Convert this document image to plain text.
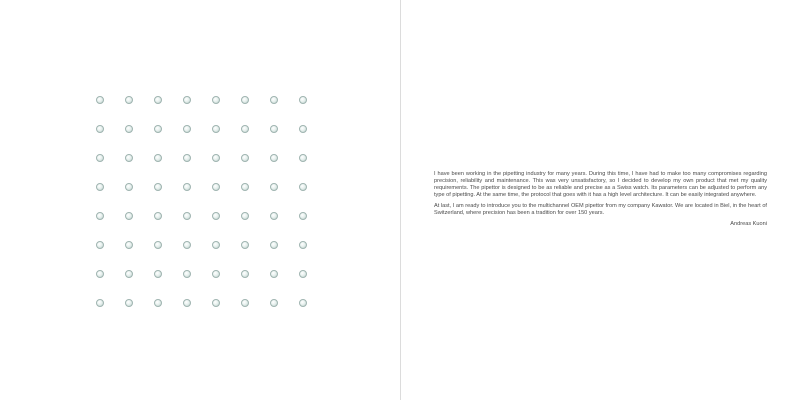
I have been working in the pipetting industry for many years. During this time, I have had to make too many compromises regarding precision, reliability and maintenance. This was very unsatisfactory, so I decided to develop my own product that met my quality requirements. The pipettor is designed to be as reliable and precise as a Swiss watch. Its parameters can be adjusted to perform any type of pipetting. At the same time, the protocol that goes with it has a high level architecture. It can be easily integrated anywhere.

At last, I am ready to introduce you to the multichannel OEM pipettor from my company Kawator. We are located in Biel, in the heart of Switzerland, where precision has been a tradition for over 150 years.

Andreas Kuoni
